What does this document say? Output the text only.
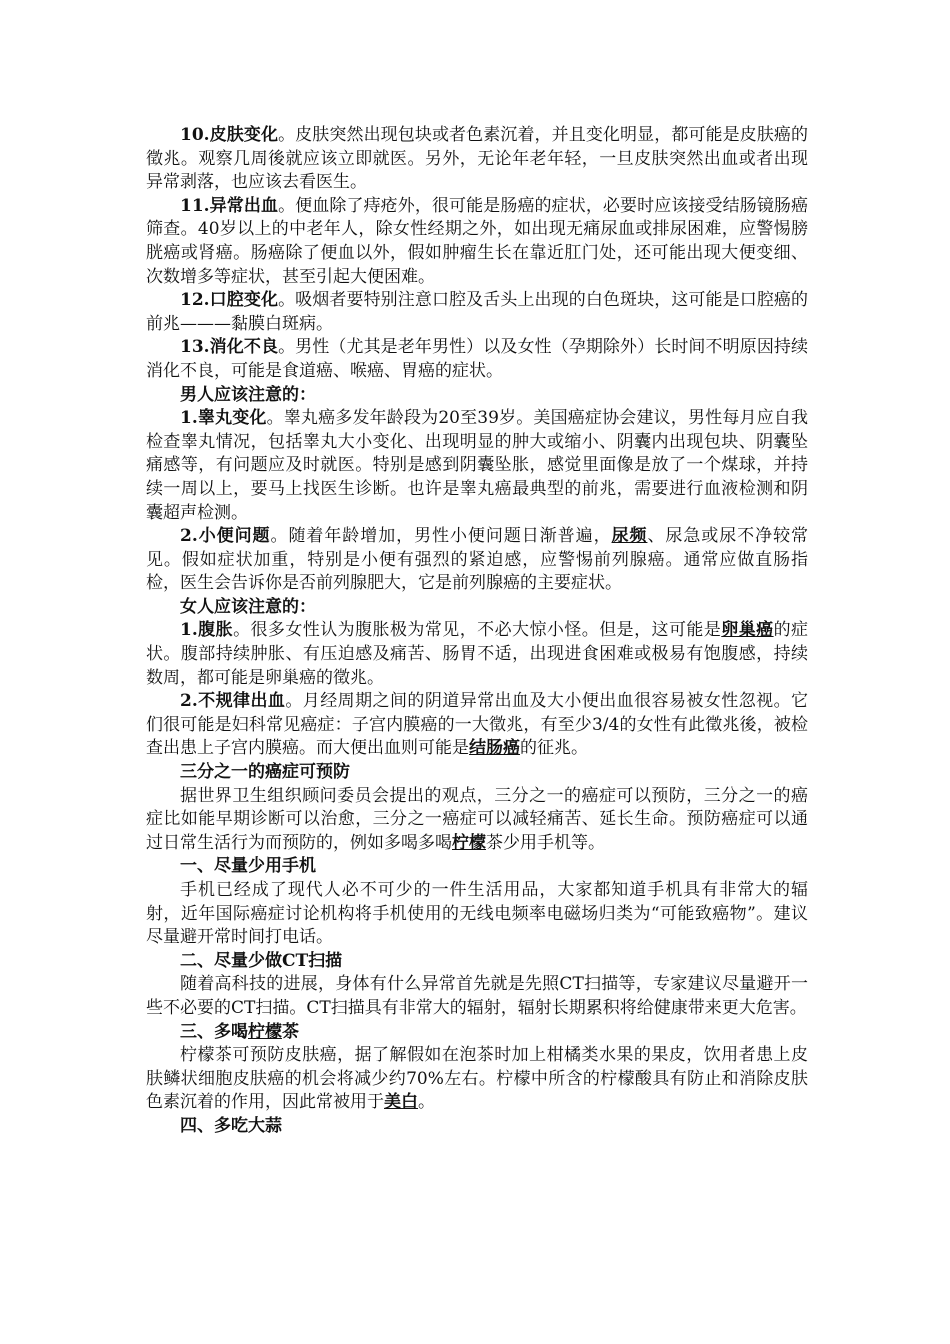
10.皮肤变化。皮肤突然出现包块或者色素沉着，并且变化明显，都可能是皮肤癌的徵兆。观察几周後就应该立即就医。另外，无论年老年轻，一旦皮肤突然出血或者出现异常剥落，也应该去看医生。

11.异常出血。便血除了痔疮外，很可能是肠癌的症状，必要时应该接受结肠镜肠癌筛查。40岁以上的中老年人，除女性经期之外，如出现无痛尿血或排尿困难，应警惕膀胱癌或肾癌。肠癌除了便血以外，假如肿瘤生长在靠近肛门处，还可能出现大便变细、次数增多等症状，甚至引起大便困难。

12.口腔变化。吸烟者要特别注意口腔及舌头上出现的白色斑块，这可能是口腔癌的前兆———黏膜白斑病。

13.消化不良。男性（尤其是老年男性）以及女性（孕期除外）长时间不明原因持续消化不良，可能是食道癌、喉癌、胃癌的症状。

男人应该注意的：

1.睾丸变化。睾丸癌多发年龄段为20至39岁。美国癌症协会建议，男性每月应自我检查睾丸情况，包括睾丸大小变化、出现明显的肿大或缩小、阴囊内出现包块、阴囊坠痛感等，有问题应及时就医。特别是感到阴囊坠胀，感觉里面像是放了一个煤球，并持续一周以上，要马上找医生诊断。也许是睾丸癌最典型的前兆，需要进行血液检测和阴囊超声检测。

2.小便问题。随着年龄增加，男性小便问题日渐普遍，尿频、尿急或尿不净较常见。假如症状加重，特别是小便有强烈的紧迫感，应警惕前列腺癌。通常应做直肠指检，医生会告诉你是否前列腺肥大，它是前列腺癌的主要症状。

女人应该注意的：

1.腹胀。很多女性认为腹胀极为常见，不必大惊小怪。但是，这可能是卵巢癌的症状。腹部持续肿胀、有压迫感及痛苦、肠胃不适，出现进食困难或极易有饱腹感，持续数周，都可能是卵巢癌的徵兆。

2.不规律出血。月经周期之间的阴道异常出血及大小便出血很容易被女性忽视。它们很可能是妇科常见癌症：子宫内膜癌的一大徵兆，有至少3/4的女性有此徵兆後，被检查出患上子宫内膜癌。而大便出血则可能是结肠癌的征兆。

三分之一的癌症可预防

据世界卫生组织顾问委员会提出的观点，三分之一的癌症可以预防，三分之一的癌症比如能早期诊断可以治愈，三分之一癌症可以减轻痛苦、延长生命。预防癌症可以通过日常生活行为而预防的，例如多喝多喝柠檬茶少用手机等。

一、尽量少用手机

手机已经成了现代人必不可少的一件生活用品，大家都知道手机具有非常大的辐射，近年国际癌症讨论机构将手机使用的无线电频率电磁场归类为“可能致癌物”。建议尽量避开常时间打电话。

二、尽量少做CT扫描

随着高科技的进展，身体有什么异常首先就是先照CT扫描等，专家建议尽量避开一些不必要的CT扫描。CT扫描具有非常大的辐射，辐射长期累积将给健康带来更大危害。

三、多喝柠檬茶

柠檬茶可预防皮肤癌，据了解假如在泡茶时加上柑橘类水果的果皮，饮用者患上皮肤鳞状细胞皮肤癌的机会将减少约70%左右。柠檬中所含的柠檬酸具有防止和消除皮肤色素沉着的作用，因此常被用于美白。

四、多吃大蒜
